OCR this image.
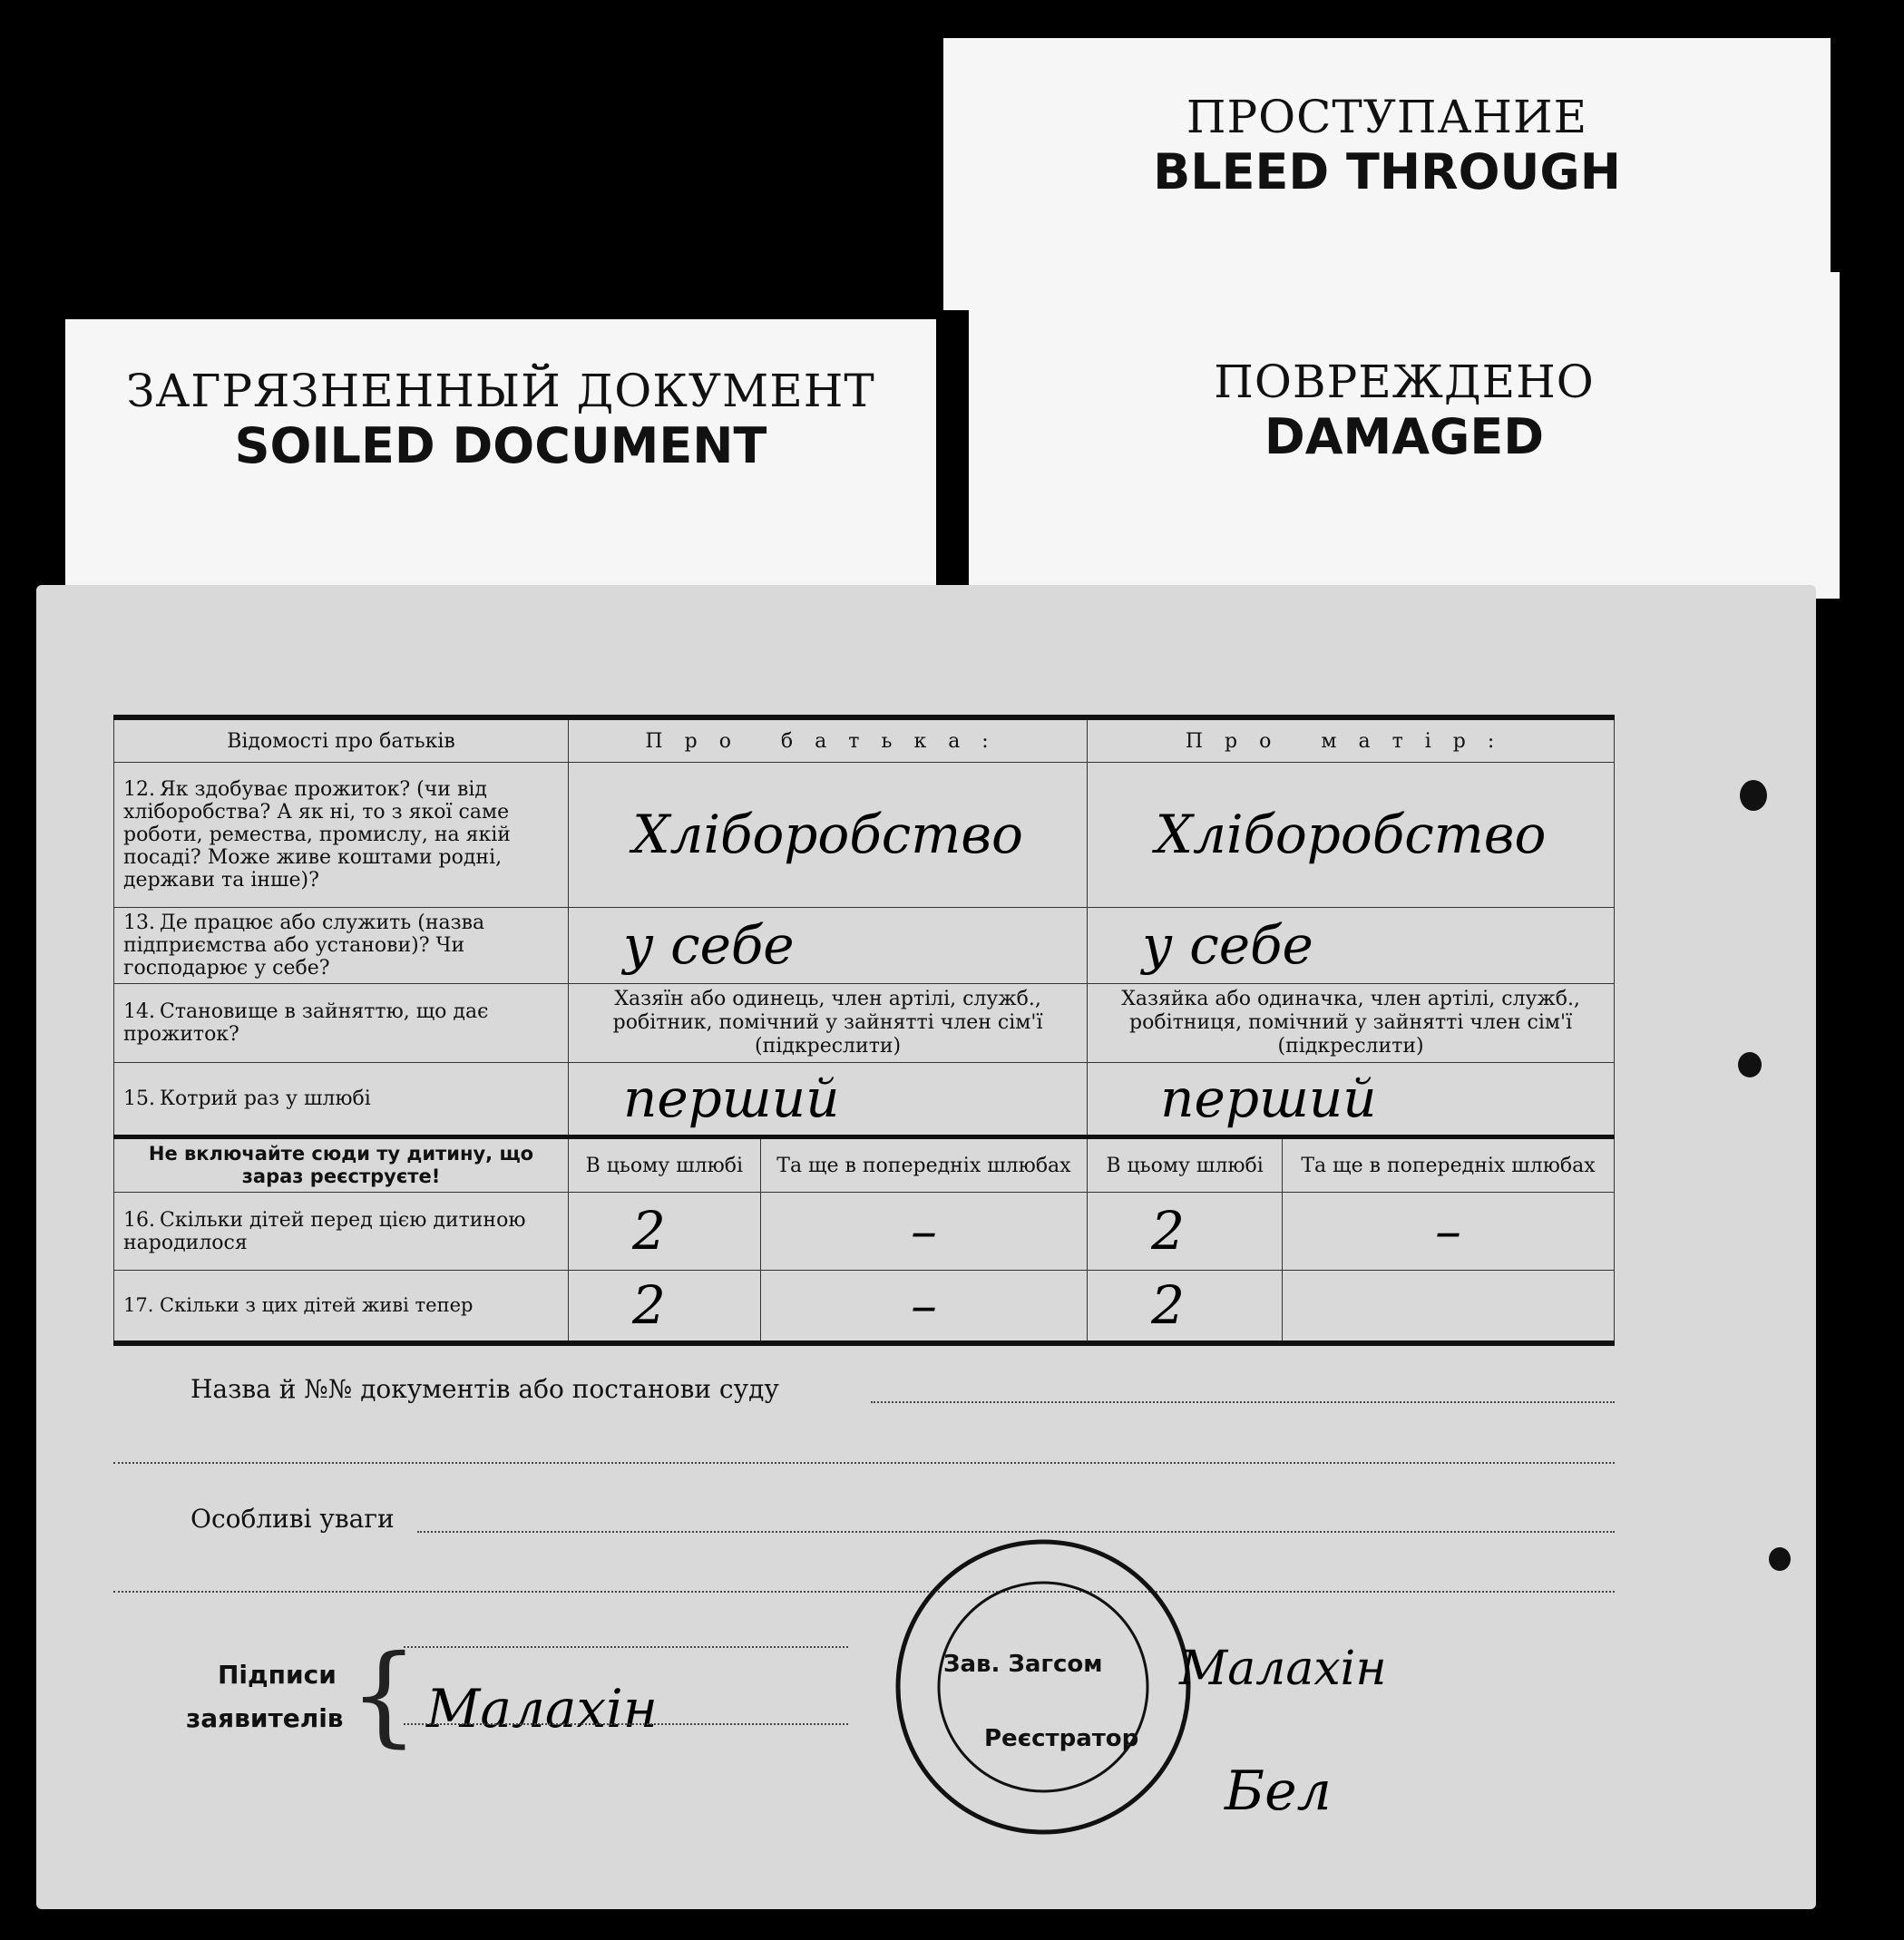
ПРОСТУПАНИЕ
BLEED THROUGH
ЗАГРЯЗНЕННЫЙ ДОКУМЕНТ
SOILED DOCUMENT
ПОВРЕЖДЕНО
DAMAGED
Відомості про батьків	Про батька:		Про матір:	
12. Як здобуває прожиток? (чи від хліборобства? А як ні, то з якої саме роботи, ремества, промислу, на якій посаді? Може живе коштами родні, держави та інше)?	Хліборобство		Хліборобство	
13. Де працює або служить (назва підприємства або установи)? Чи господарює у себе?	у себе		у себе	
14. Становище в зайняттю, що дає прожиток?	Хазяїн або одинець, член артілі, служб., робітник, помічний у зайнятті член сім'ї (підкреслити)		Хазяйка або одиначка, член артілі, служб., робітниця, помічний у зайнятті член сім'ї (підкреслити)	
15. Котрий раз у шлюбі	перший		перший	
Не включайте сюди ту дитину, що зараз реєструєте!	В цьому шлюбі	Та ще в попередніх шлюбах	В цьому шлюбі	Та ще в попередніх шлюбах
16. Скільки дітей перед цією дитиною народилося	2	–	2	–
17. Скільки з цих дітей живі тепер	2	–	2	
Назва й №№ документів або постанови суду
Особливі уваги
Підписи
заявителів { Малахін
Зав. Загсом
Реєстратор
Малахін
Бел
